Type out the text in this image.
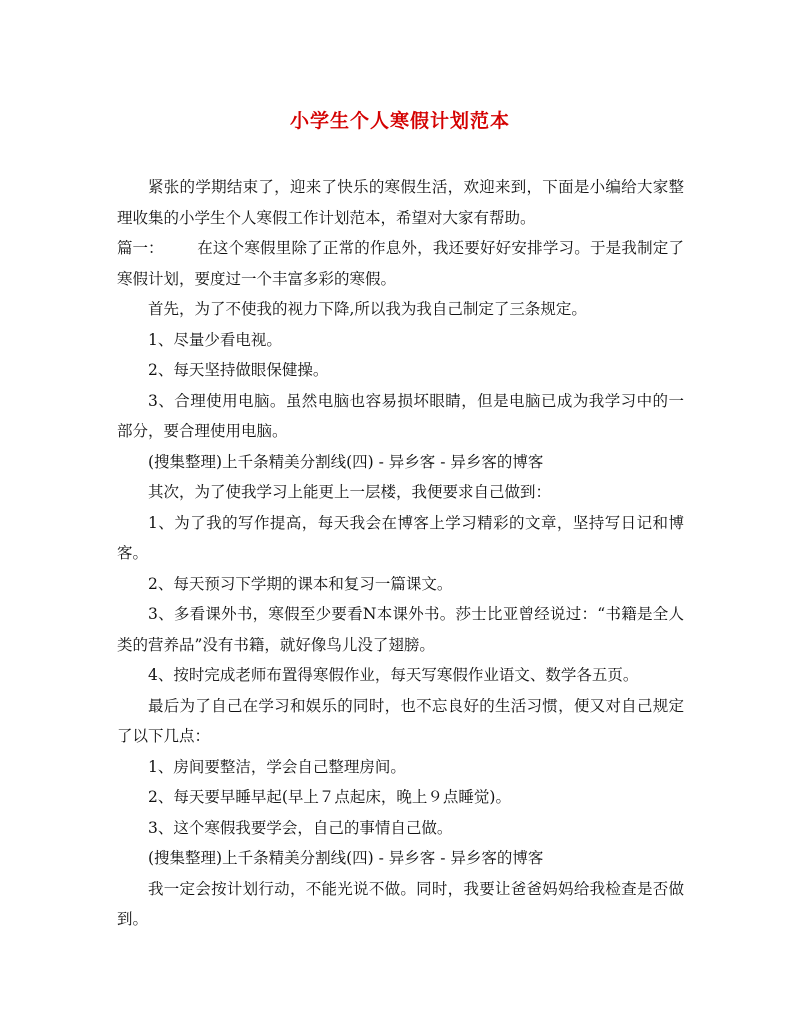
小学生个人寒假计划范本

紧张的学期结束了，迎来了快乐的寒假生活，欢迎来到，下面是小编给大家整理收集的小学生个人寒假工作计划范本，希望对大家有帮助。

篇一： 在这个寒假里除了正常的作息外，我还要好好安排学习。于是我制定了寒假计划，要度过一个丰富多彩的寒假。

首先，为了不使我的视力下降,所以我为我自己制定了三条规定。

1、尽量少看电视。

2、每天坚持做眼保健操。

3、合理使用电脑。虽然电脑也容易损坏眼睛，但是电脑已成为我学习中的一部分，要合理使用电脑。

(搜集整理)上千条精美分割线(四) - 异乡客 - 异乡客的博客

其次，为了使我学习上能更上一层楼，我便要求自己做到：

1、为了我的写作提高，每天我会在博客上学习精彩的文章，坚持写日记和博客。

2、每天预习下学期的课本和复习一篇课文。

3、多看课外书，寒假至少要看N本课外书。莎士比亚曾经说过：“书籍是全人类的营养品”没有书籍，就好像鸟儿没了翅膀。

4、按时完成老师布置得寒假作业，每天写寒假作业语文、数学各五页。

最后为了自己在学习和娱乐的同时，也不忘良好的生活习惯，便又对自己规定了以下几点：

1、房间要整洁，学会自己整理房间。

2、每天要早睡早起(早上７点起床，晚上９点睡觉)。

3、这个寒假我要学会，自己的事情自己做。

(搜集整理)上千条精美分割线(四) - 异乡客 - 异乡客的博客

我一定会按计划行动，不能光说不做。同时，我要让爸爸妈妈给我检查是否做到。
